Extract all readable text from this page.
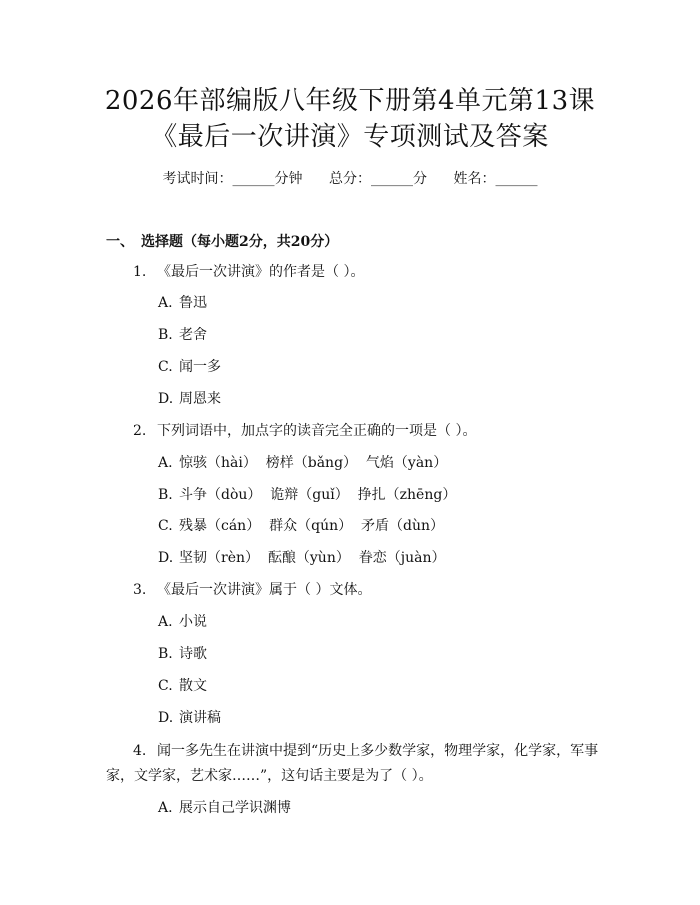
2026年部编版八年级下册第4单元第13课
《最后一次讲演》专项测试及答案
考试时间：______分钟 总分：______分 姓名：______
一、 选择题（每小题2分，共20分）
1. 《最后一次讲演》的作者是（ ）。
A. 鲁迅
B. 老舍
C. 闻一多
D. 周恩来
2. 下列词语中，加点字的读音完全正确的一项是（ ）。
A. 惊骇（hài）  榜样（bǎng）  气焰（yàn）
B. 斗争（dòu）  诡辩（guǐ）  挣扎（zhēng）
C. 残暴（cán）  群众（qún）  矛盾（dùn）
D. 坚韧（rèn）  酝酿（yùn）  眷恋（juàn）
3. 《最后一次讲演》属于（ ）文体。
A. 小说
B. 诗歌
C. 散文
D. 演讲稿
4. 闻一多先生在讲演中提到“历史上多少数学家，物理学家，化学家，军事
家，文学家，艺术家……”，这句话主要是为了（ ）。
A. 展示自己学识渊博
